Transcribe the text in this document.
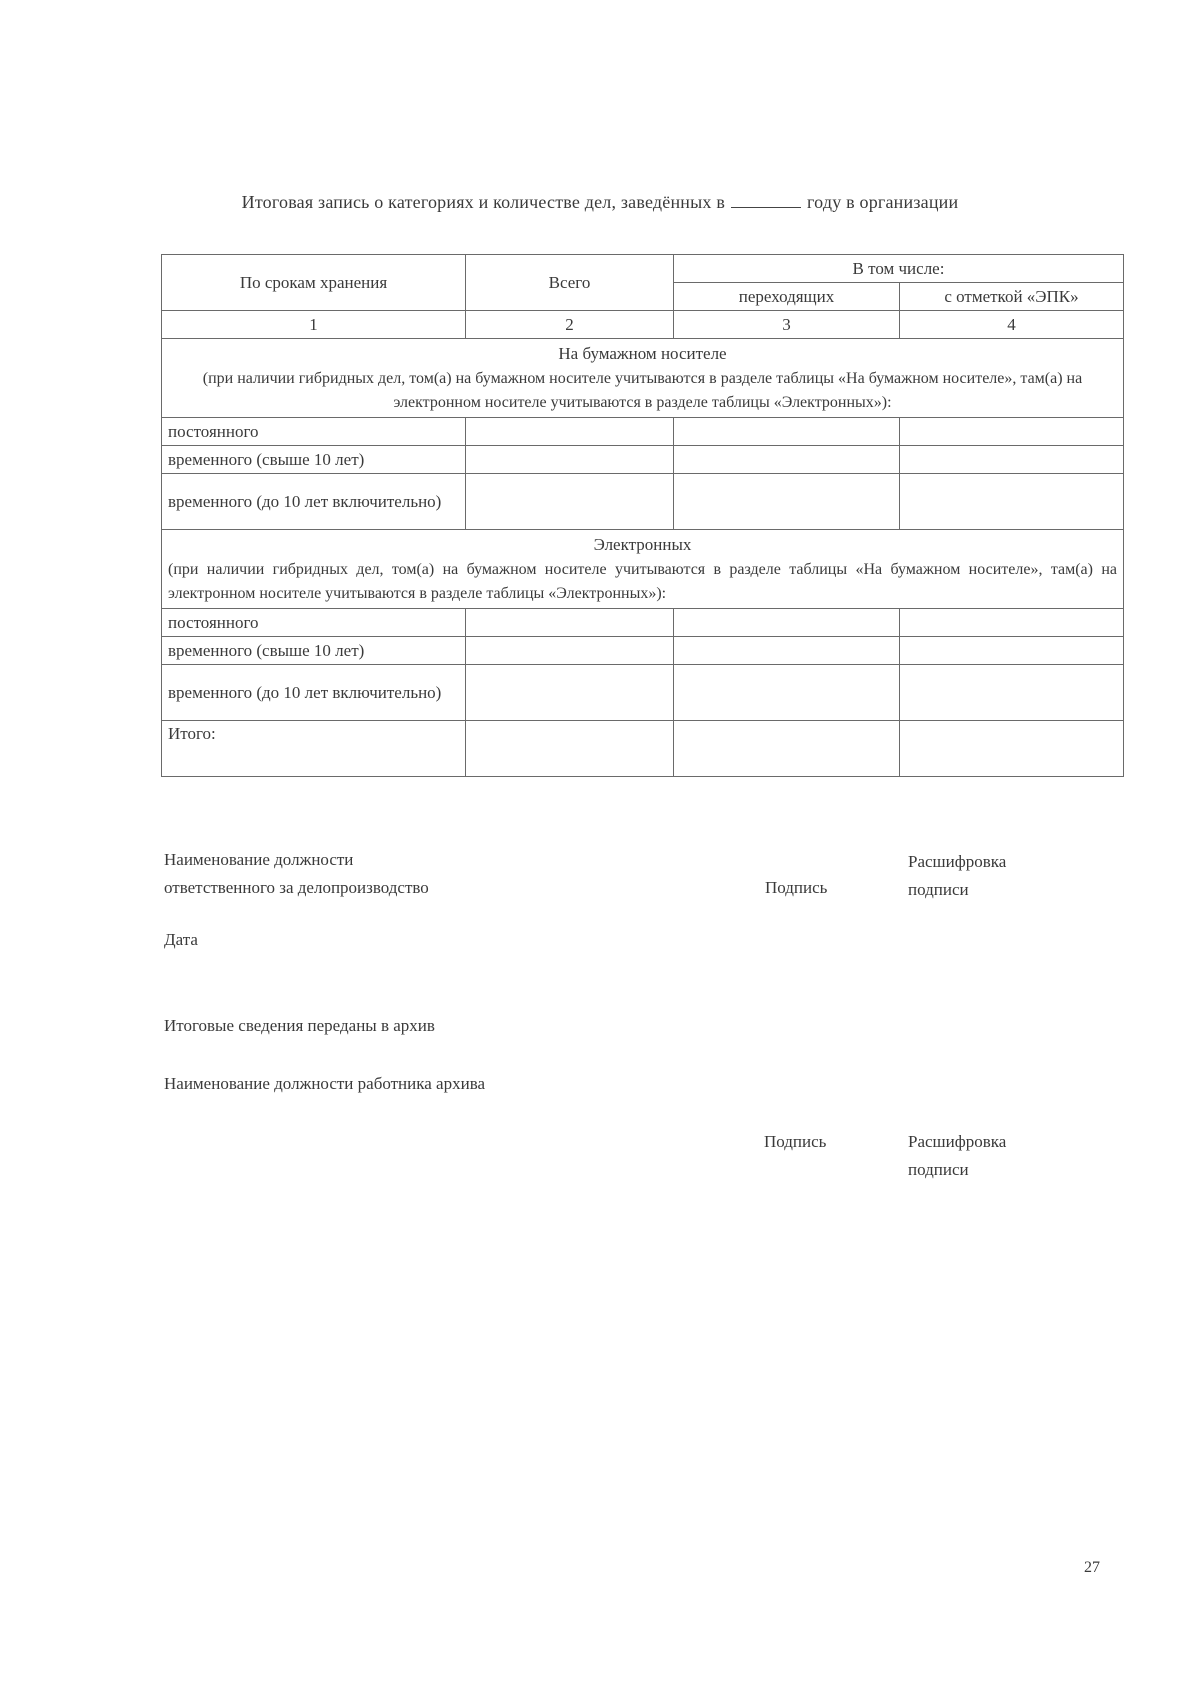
Итоговая запись о категориях и количестве дел, заведённых в	году в организации
По срокам хранения	Всего	В том числе:	
		переходящих	с отметкой «ЭПК»
1	2	3	4

На бумажном носителе
(при наличии гибридных дел, том(а) на бумажном носителе учитываются в разделе таблицы «На бумажном носителе», там(а) на электронном носителе учитываются в разделе таблицы «Электронных»):			

постоянного			
временного (свыше 10 лет)			
временного (до 10 лет включительно)			

Электронных
(при наличии гибридных дел, том(а) на бумажном носителе учитываются в разделе таблицы «На бумажном носителе», там(а) на электронном носителе учитываются в разделе таблицы «Электронных»):			

постоянного			
временного (свыше 10 лет)			
временного (до 10 лет включительно)			
Итого:			
Наименование должности
ответственного за делопроизводство	Подпись
Расшифровка
подписи
Дата
Итоговые сведения переданы в архив
Наименование должности работника архива
Подпись	Расшифровка
подписи
27
